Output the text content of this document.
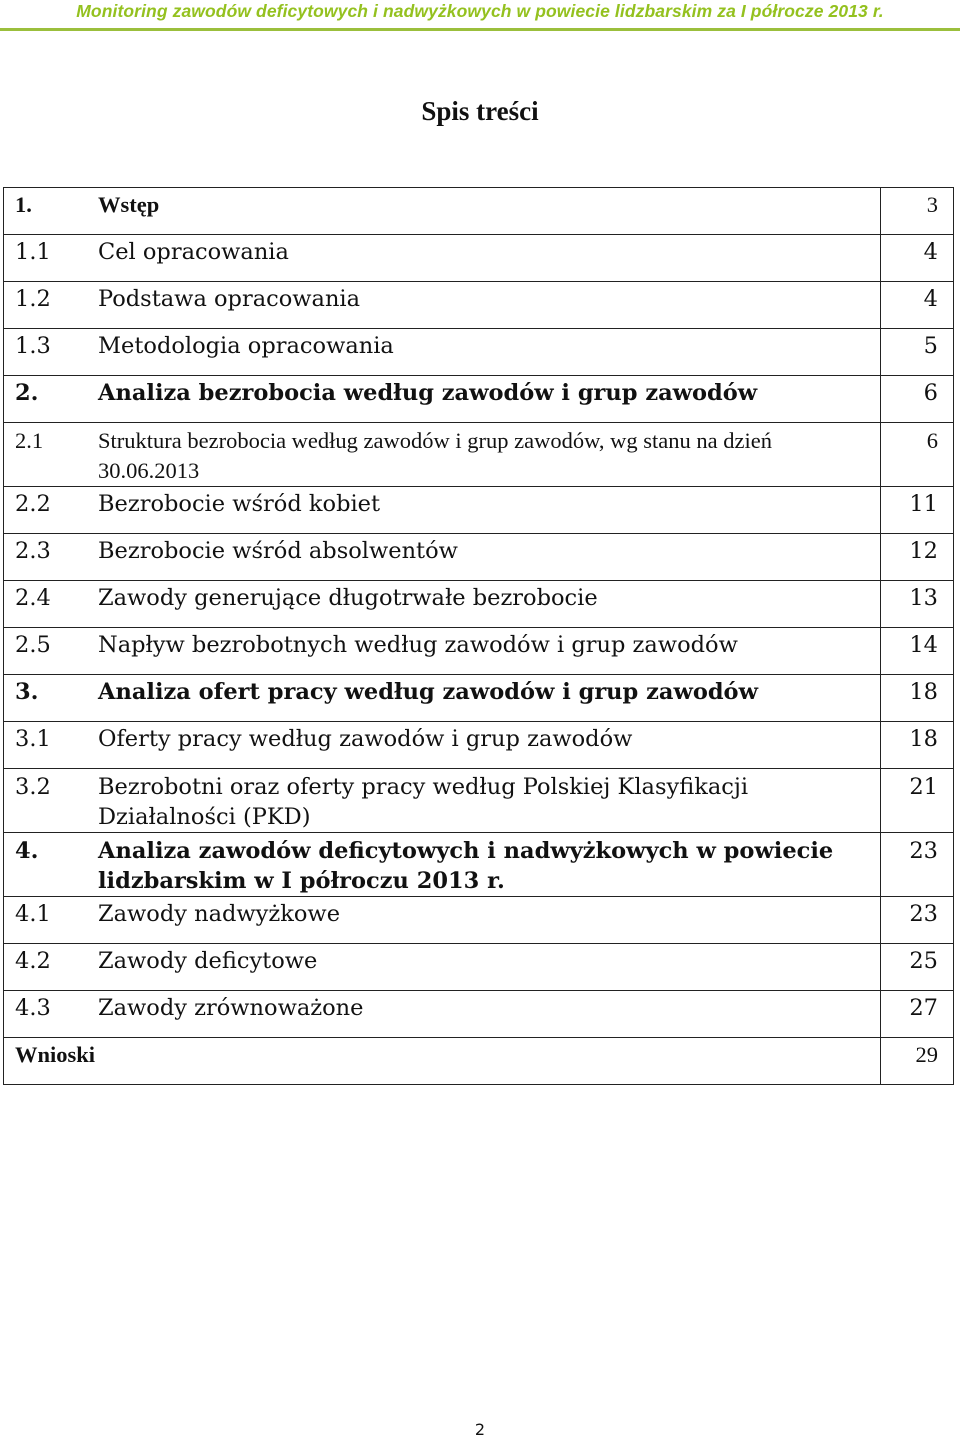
Monitoring zawodów deficytowych i nadwyżkowych w powiecie lidzbarskim za I półrocze 2013 r.
Spis treści
1.	Wstęp	3

1.1	Cel opracowania	4

1.2	Podstawa opracowania	4

1.3	Metodologia opracowania	5

2.	Analiza bezrobocia według zawodów i grup zawodów	6

2.1	Struktura bezrobocia według zawodów i grup zawodów, wg stanu na dzień 30.06.2013	6

2.2	Bezrobocie wśród kobiet	11

2.3	Bezrobocie wśród absolwentów	12

2.4	Zawody generujące długotrwałe bezrobocie	13

2.5	Napływ bezrobotnych według zawodów i grup zawodów	14

3.	Analiza ofert pracy według zawodów i grup zawodów	18

3.1	Oferty pracy według zawodów i grup zawodów	18

3.2	Bezrobotni oraz oferty pracy według Polskiej Klasyfikacji Działalności (PKD)	21

4.	Analiza zawodów deficytowych i nadwyżkowych w powiecie lidzbarskim w I półroczu 2013 r.	23

4.1	Zawody nadwyżkowe	23

4.2	Zawody deficytowe	25

4.3	Zawody zrównoważone	27

Wnioski		29
2
